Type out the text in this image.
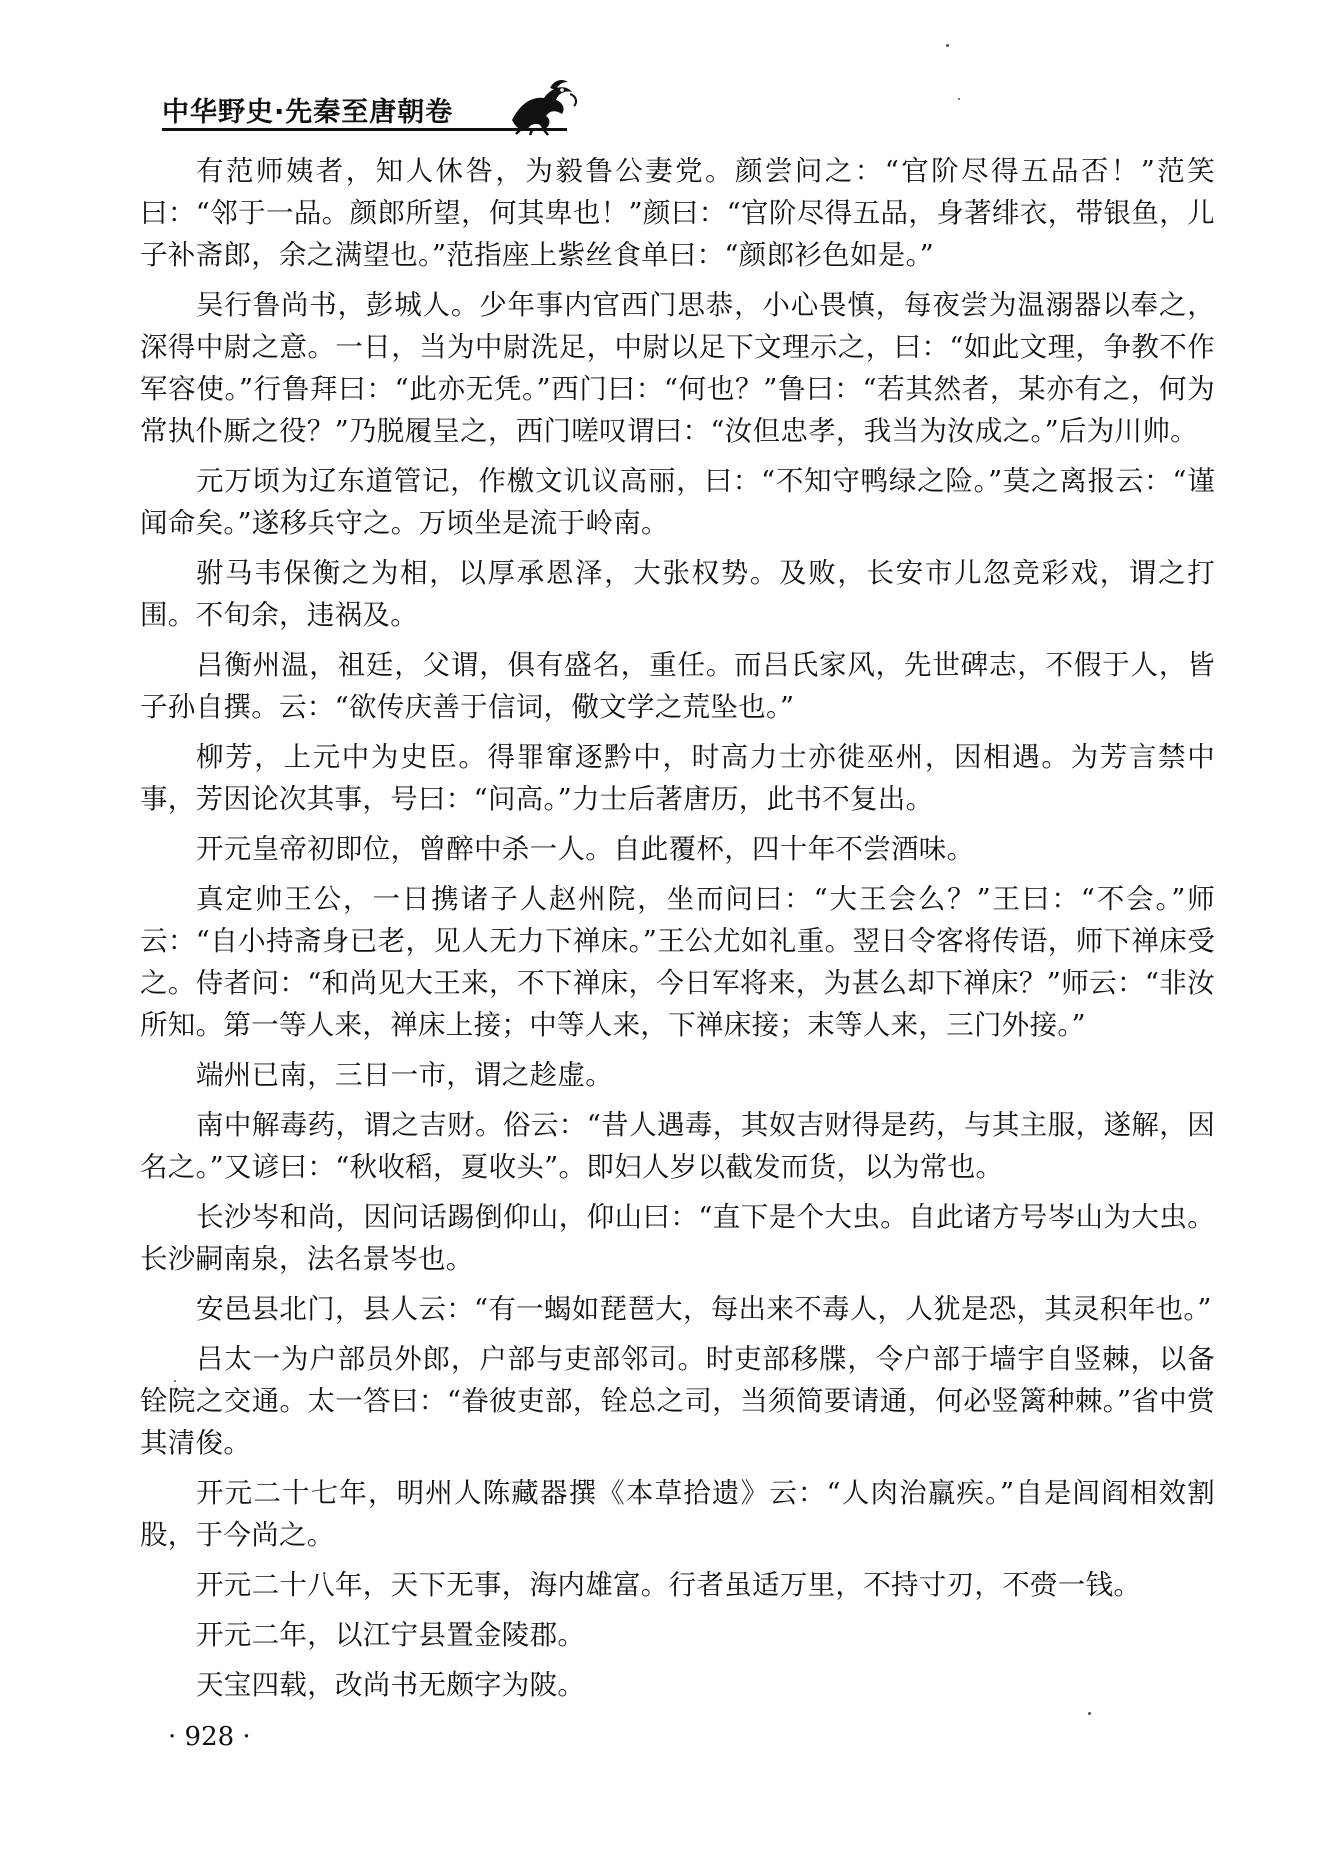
中华野史·先秦至唐朝卷

有范师姨者，知人休咎，为毅鲁公妻党。颜尝问之：“官阶尽得五品否！”范笑曰：“邻于一品。颜郎所望，何其卑也！”颜曰：“官阶尽得五品，身著绯衣，带银鱼，儿子补斋郎，余之满望也。”范指座上紫丝食单曰：“颜郎衫色如是。”

吴行鲁尚书，彭城人。少年事内官西门思恭，小心畏慎，每夜尝为温溺器以奉之，深得中尉之意。一日，当为中尉洗足，中尉以足下文理示之，曰：“如此文理，争教不作军容使。”行鲁拜曰：“此亦无凭。”西门曰：“何也？”鲁曰：“若其然者，某亦有之，何为常执仆厮之役？”乃脱履呈之，西门嗟叹谓曰：“汝但忠孝，我当为汝成之。”后为川帅。

元万顷为辽东道管记，作檄文讥议高丽，曰：“不知守鸭绿之险。”莫之离报云：“谨闻命矣。”遂移兵守之。万顷坐是流于岭南。

驸马韦保衡之为相，以厚承恩泽，大张权势。及败，长安市儿忽竞彩戏，谓之打围。不旬余，违祸及。

吕衡州温，祖廷，父谓，俱有盛名，重任。而吕氏家风，先世碑志，不假于人，皆子孙自撰。云：“欲传庆善于信词，儆文学之荒坠也。”

柳芳，上元中为史臣。得罪窜逐黔中，时高力士亦徙巫州，因相遇。为芳言禁中事，芳因论次其事，号曰：“问高。”力士后著唐历，此书不复出。

开元皇帝初即位，曾醉中杀一人。自此覆杯，四十年不尝酒味。

真定帅王公，一日携诸子人赵州院，坐而问曰：“大王会么？”王曰：“不会。”师云：“自小持斋身已老，见人无力下禅床。”王公尤如礼重。翌日令客将传语，师下禅床受之。侍者问：“和尚见大王来，不下禅床，今日军将来，为甚么却下禅床？”师云：“非汝所知。第一等人来，禅床上接；中等人来，下禅床接；末等人来，三门外接。”

端州已南，三日一市，谓之趁虚。

南中解毒药，谓之吉财。俗云：“昔人遇毒，其奴吉财得是药，与其主服，遂解，因名之。”又谚曰：“秋收稻，夏收头”。即妇人岁以截发而货，以为常也。

长沙岑和尚，因问话踢倒仰山，仰山曰：“直下是个大虫。自此诸方号岑山为大虫。长沙嗣南泉，法名景岑也。

安邑县北门，县人云：“有一蝎如琵琶大，每出来不毒人，人犹是恐，其灵积年也。”

吕太一为户部员外郎，户部与吏部邻司。时吏部移牒，令户部于墙宇自竖棘，以备铨院之交通。太一答曰：“眷彼吏部，铨总之司，当须简要请通，何必竖篱种棘。”省中赏其清俊。

开元二十七年，明州人陈藏器撰《本草拾遗》云：“人肉治羸疾。”自是闾阎相效割股，于今尚之。

开元二十八年，天下无事，海内雄富。行者虽适万里，不持寸刃，不赍一钱。

开元二年，以江宁县置金陵郡。

天宝四载，改尚书无颇字为陂。

· 928 ·
